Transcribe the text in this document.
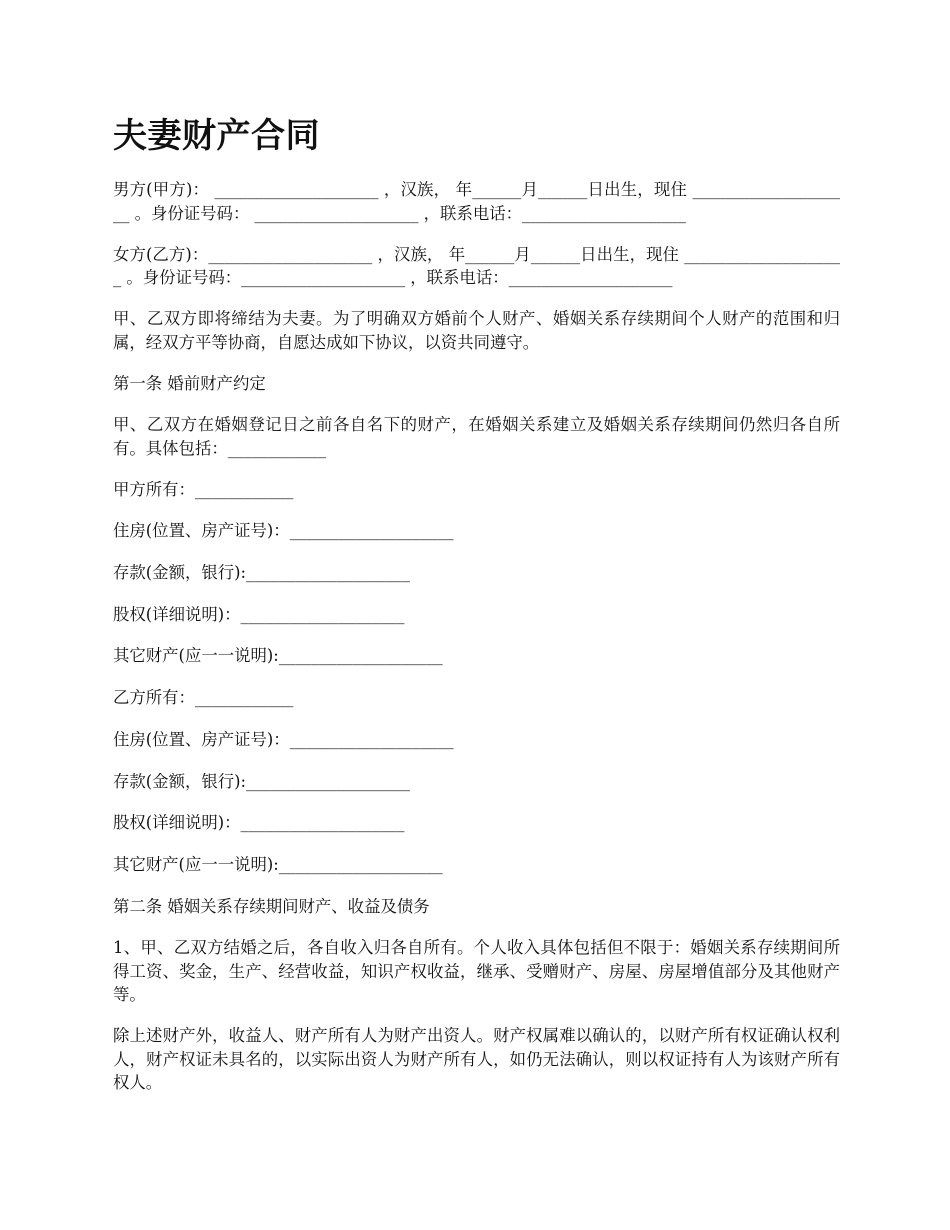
夫妻财产合同
男方(甲方)： ____________________ ，汉族， 年______月______日出生，现住 ____________________ 。身份证号码： ____________________ ，联系电话：____________________
女方(乙方)：____________________ ，汉族， 年______月______日出生，现住 ____________________ 。身份证号码：____________________ ，联系电话：____________________
甲、乙双方即将缔结为夫妻。为了明确双方婚前个人财产、婚姻关系存续期间个人财产的范围和归属，经双方平等协商，自愿达成如下协议，以资共同遵守。
第一条 婚前财产约定
甲、乙双方在婚姻登记日之前各自名下的财产，在婚姻关系建立及婚姻关系存续期间仍然归各自所有。具体包括：____________
甲方所有：____________
住房(位置、房产证号)：____________________
存款(金额，银行):____________________
股权(详细说明)：____________________
其它财产(应一一说明):____________________
乙方所有：____________
住房(位置、房产证号)：____________________
存款(金额，银行):____________________
股权(详细说明)：____________________
其它财产(应一一说明):____________________
第二条 婚姻关系存续期间财产、收益及债务
1、甲、乙双方结婚之后，各自收入归各自所有。个人收入具体包括但不限于：婚姻关系存续期间所得工资、奖金，生产、经营收益，知识产权收益，继承、受赠财产、房屋、房屋增值部分及其他财产等。
除上述财产外，收益人、财产所有人为财产出资人。财产权属难以确认的，以财产所有权证确认权利人，财产权证未具名的，以实际出资人为财产所有人，如仍无法确认，则以权证持有人为该财产所有权人。
